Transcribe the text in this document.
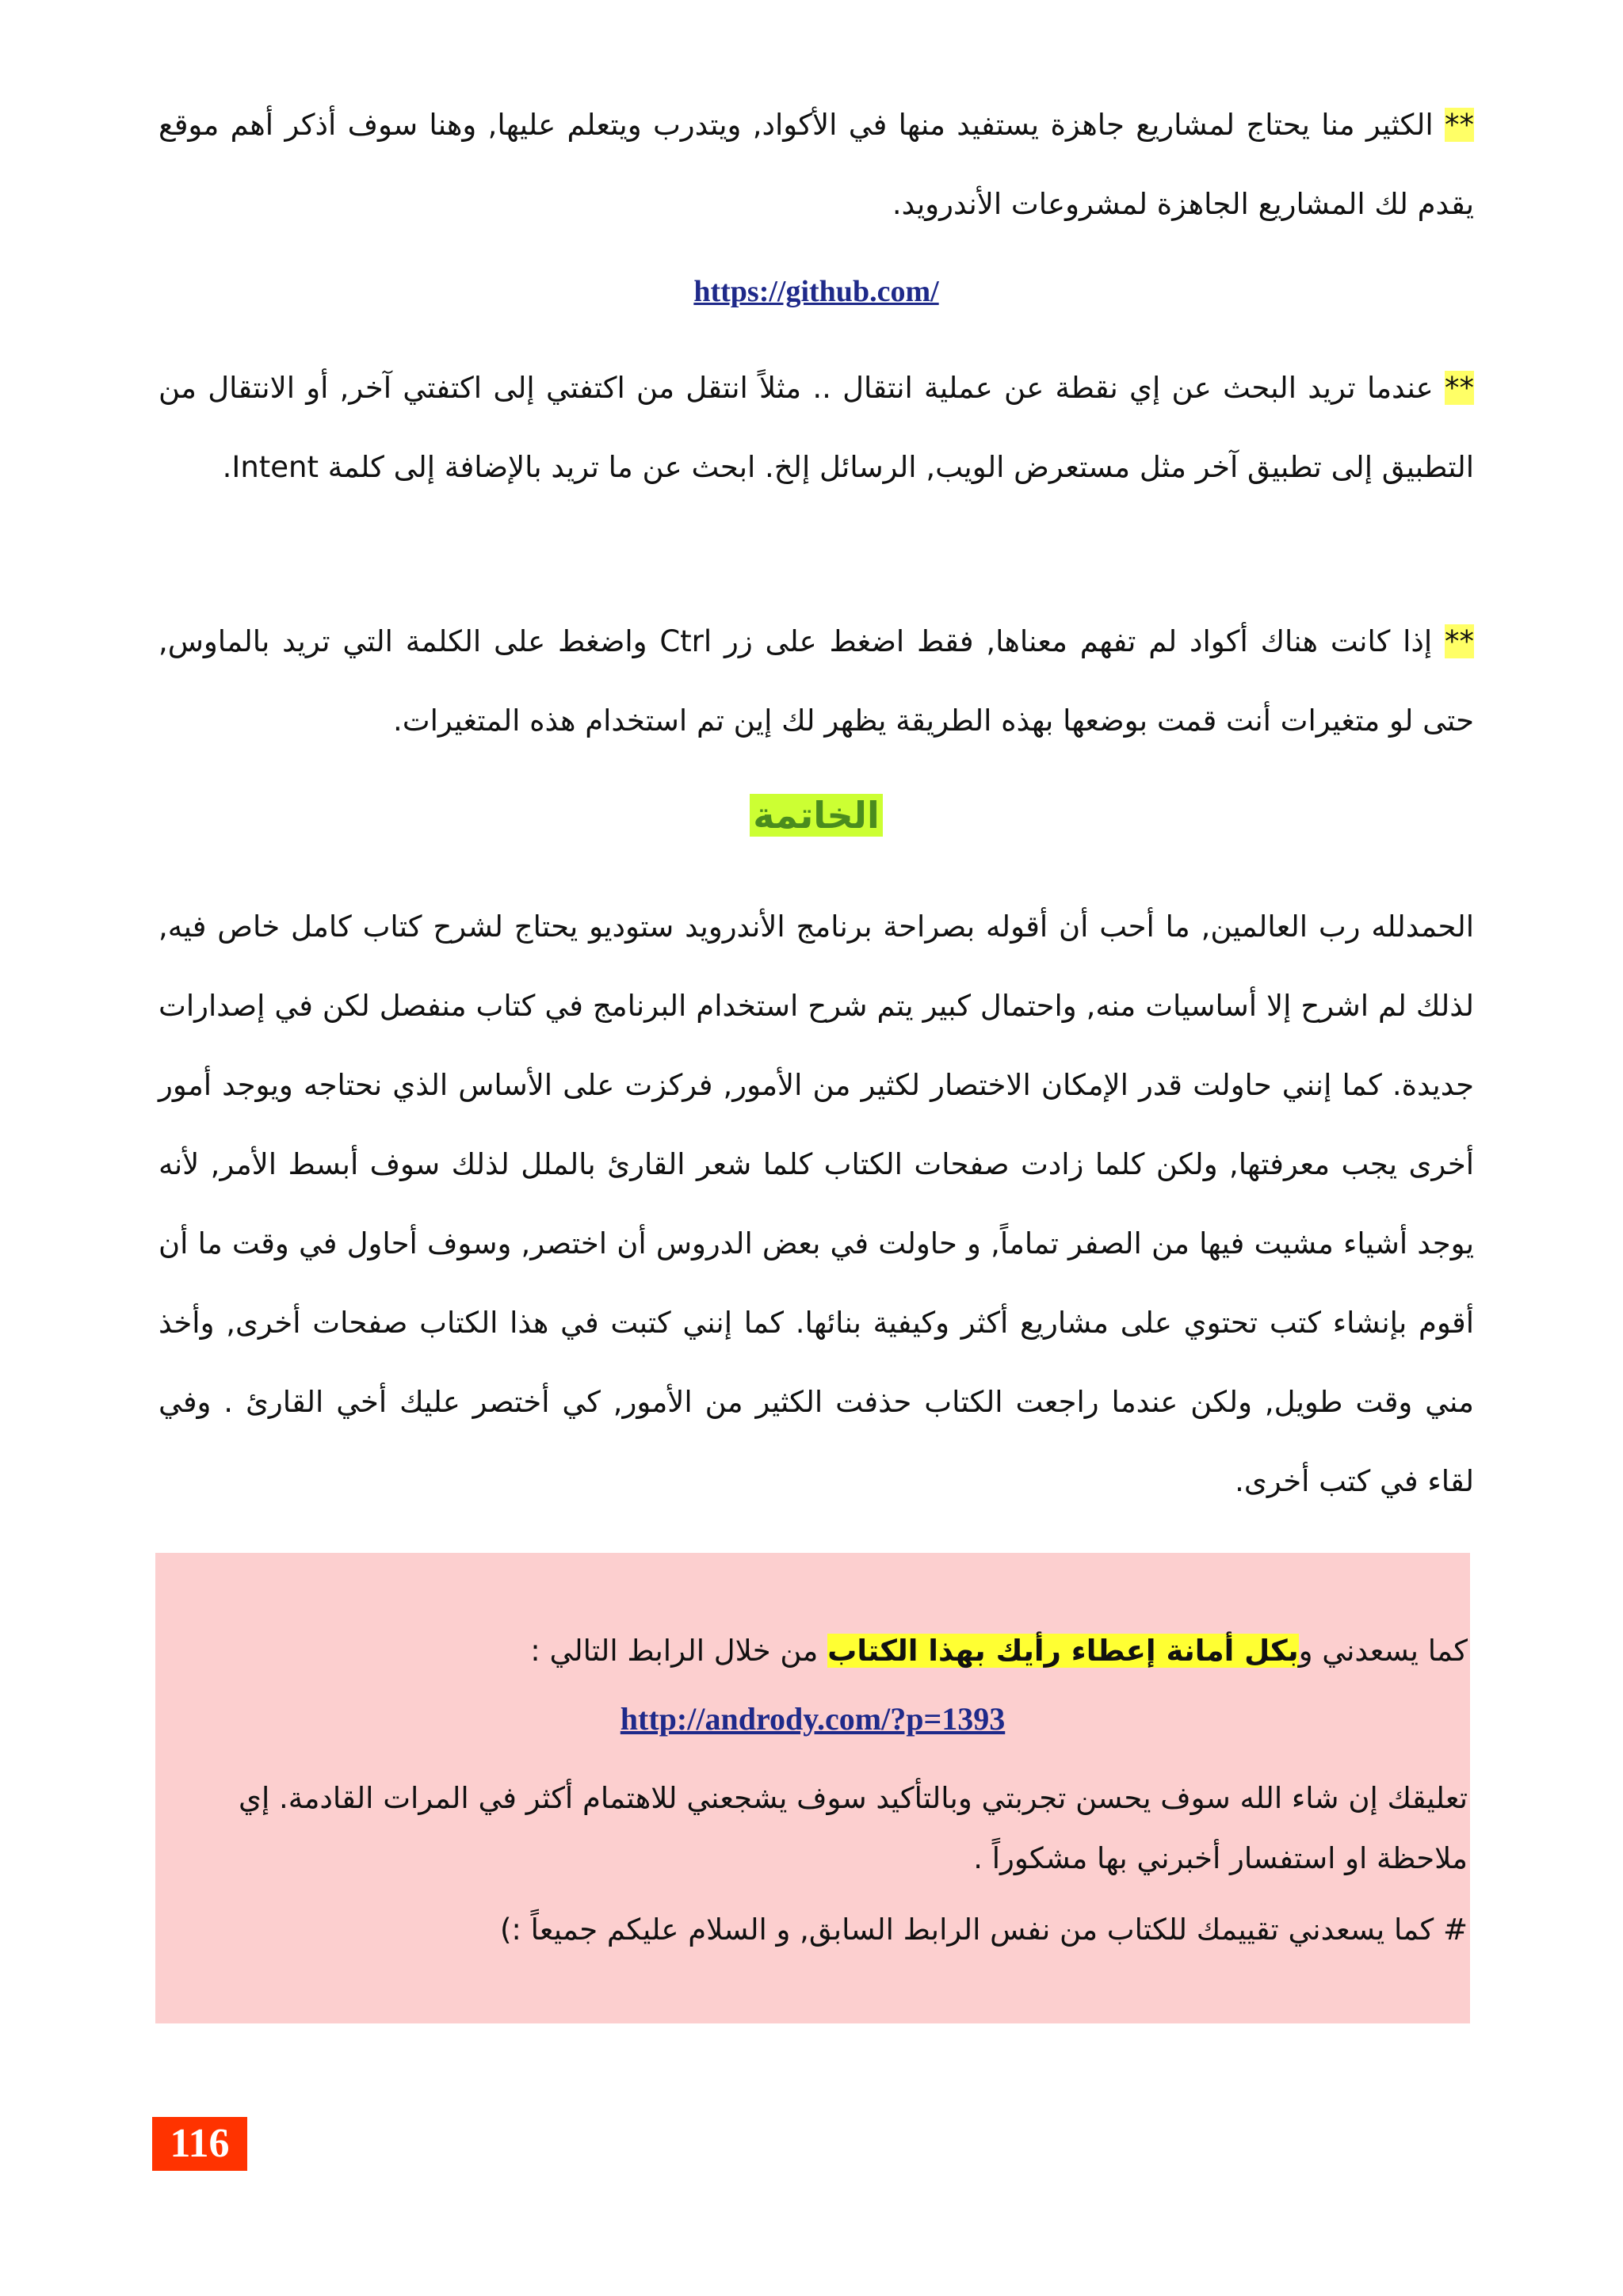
** الكثير منا يحتاج لمشاريع جاهزة يستفيد منها في الأكواد, ويتدرب ويتعلم عليها, وهنا سوف أذكر أهم موقع يقدم لك المشاريع الجاهزة لمشروعات الأندرويد.

https://github.com/

** عندما تريد البحث عن إي نقطة عن عملية انتقال .. مثلاً انتقل من اكتفتي إلى اكتفتي آخر, أو الانتقال من التطبيق إلى تطبيق آخر مثل مستعرض الويب, الرسائل إلخ. ابحث عن ما تريد بالإضافة إلى كلمة Intent.

** إذا كانت هناك أكواد لم تفهم معناها, فقط اضغط على زر Ctrl واضغط على الكلمة التي تريد بالماوس, حتى لو متغيرات أنت قمت بوضعها بهذه الطريقة يظهر لك إين تم استخدام هذه المتغيرات.

الخاتمة

الحمدلله رب العالمين, ما أحب أن أقوله بصراحة برنامج الأندرويد ستوديو يحتاج لشرح كتاب كامل خاص فيه, لذلك لم اشرح إلا أساسيات منه, واحتمال كبير يتم شرح استخدام البرنامج في كتاب منفصل لكن في إصدارات جديدة. كما إنني حاولت قدر الإمكان الاختصار لكثير من الأمور, فركزت على الأساس الذي نحتاجه ويوجد أمور أخرى يجب معرفتها, ولكن كلما زادت صفحات الكتاب كلما شعر القارئ بالملل لذلك سوف أبسط الأمر, لأنه يوجد أشياء مشيت فيها من الصفر تماماً, و حاولت في بعض الدروس أن اختصر, وسوف أحاول في وقت ما أن أقوم بإنشاء كتب تحتوي على مشاريع أكثر وكيفية بنائها. كما إنني كتبت في هذا الكتاب صفحات أخرى, وأخذ مني وقت طويل, ولكن عندما راجعت الكتاب حذفت الكثير من الأمور, كي أختصر عليك أخي القارئ . وفي لقاء في كتب أخرى.

كما يسعدني وبكل أمانة إعطاء رأيك بهذا الكتاب من خلال الرابط التالي :

http://andrody.com/?p=1393

تعليقك إن شاء الله سوف يحسن تجربتي وبالتأكيد سوف يشجعني للاهتمام أكثر في المرات القادمة. إي ملاحظة او استفسار أخبرني بها مشكوراً .

# كما يسعدني تقييمك للكتاب من نفس الرابط السابق, و السلام عليكم جميعاً :)

116
